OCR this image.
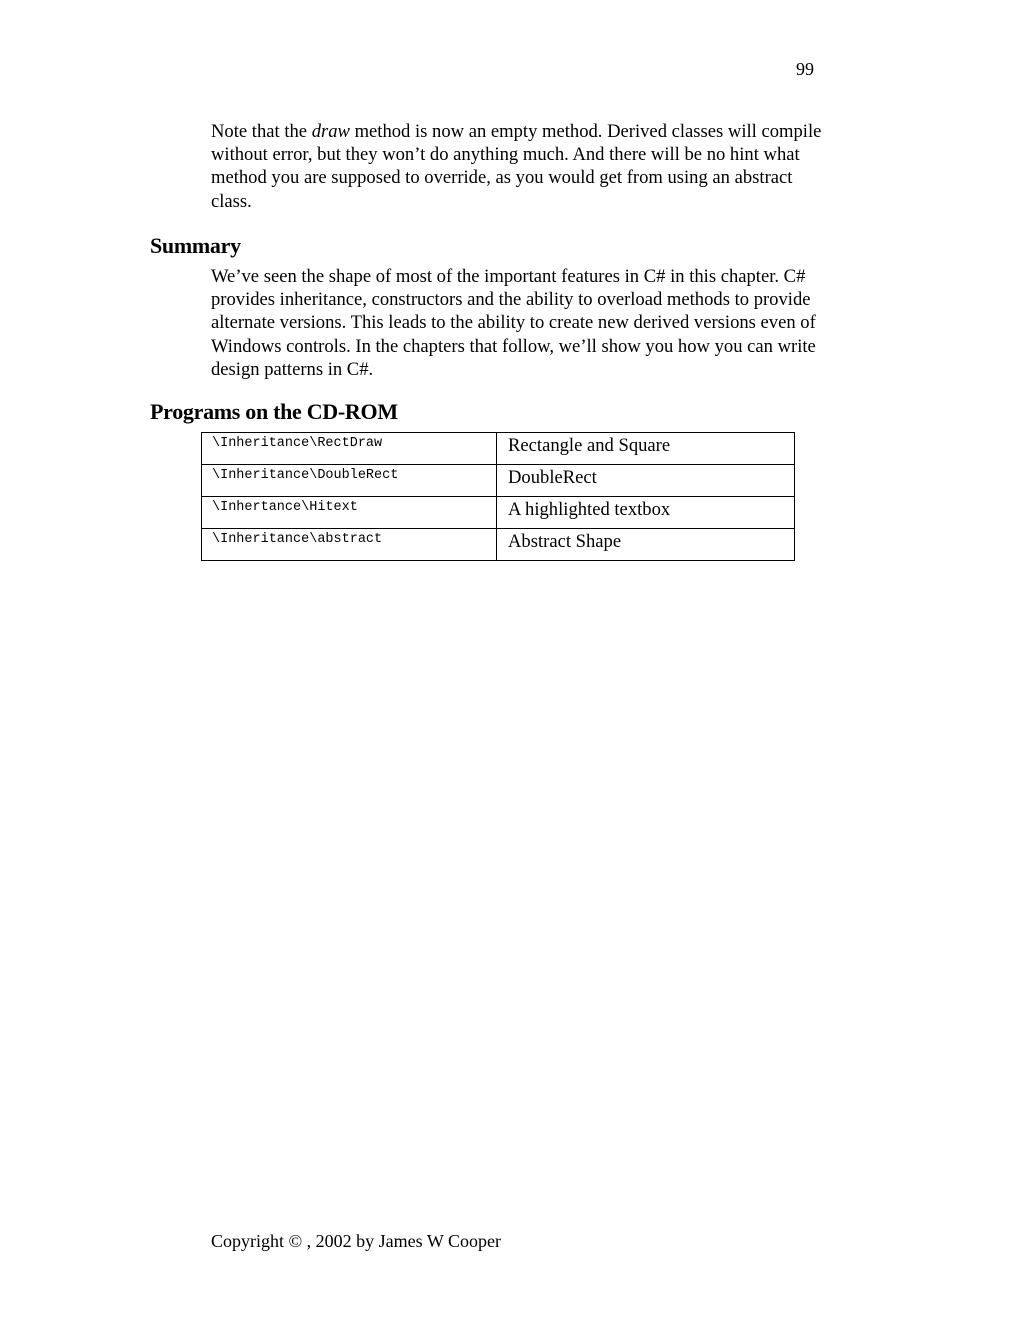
99

Note that the draw method is now an empty method. Derived classes will compile without error, but they won’t do anything much. And there will be no hint what method you are supposed to override, as you would get from using an abstract class.

Summary

We’ve seen the shape of most of the important features in C# in this chapter. C# provides inheritance, constructors and the ability to overload methods to provide alternate versions. This leads to the ability to create new derived versions even of Windows controls. In the chapters that follow, we’ll show you how you can write design patterns in C#.

Programs on the CD-ROM
\Inheritance\RectDraw	Rectangle and Square
\Inheritance\DoubleRect	DoubleRect
\Inhertance\Hitext	A highlighted textbox
\Inheritance\abstract	Abstract Shape
Copyright © , 2002 by James W Cooper
